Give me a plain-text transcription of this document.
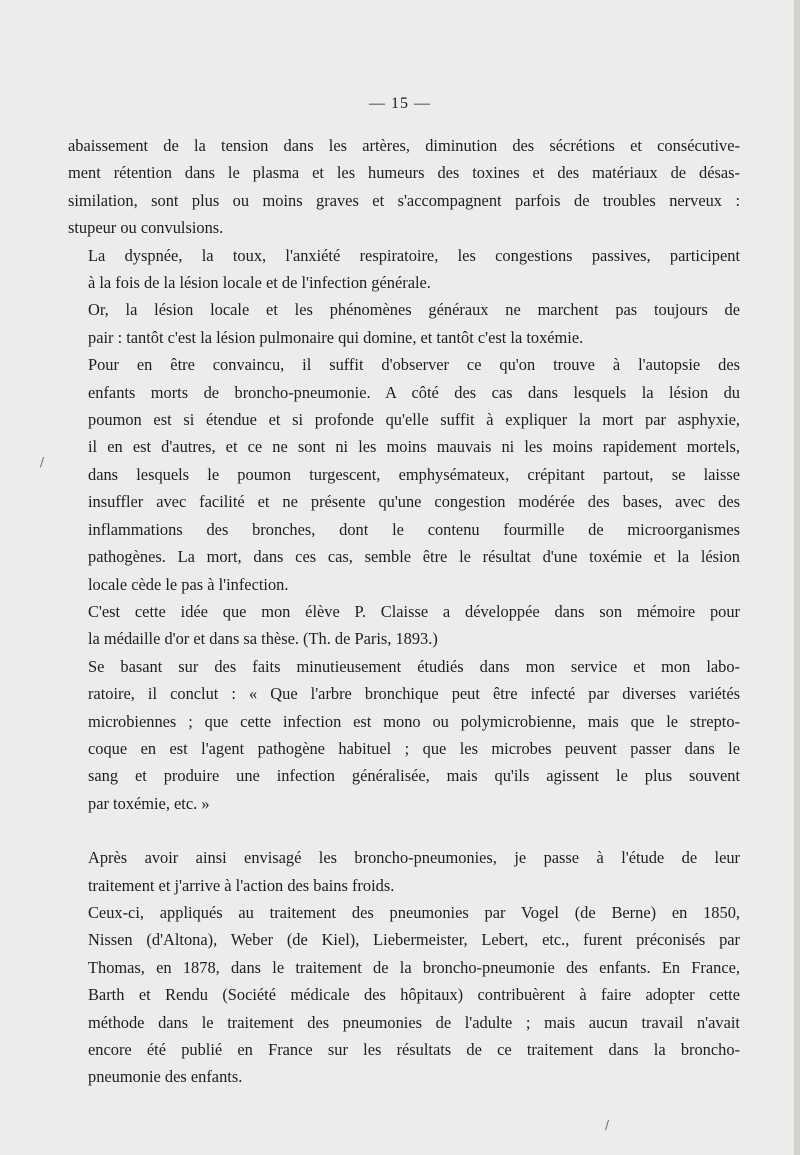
— 15 —

abaissement de la tension dans les artères, diminution des sécrétions et consécutive-
ment rétention dans le plasma et les humeurs des toxines et des matériaux de désas-
similation, sont plus ou moins graves et s'accompagnent parfois de troubles nerveux :
stupeur ou convulsions.

La dyspnée, la toux, l'anxiété respiratoire, les congestions passives, participent
à la fois de la lésion locale et de l'infection générale.

Or, la lésion locale et les phénomènes généraux ne marchent pas toujours de
pair : tantôt c'est la lésion pulmonaire qui domine, et tantôt c'est la toxémie.

Pour en être convaincu, il suffit d'observer ce qu'on trouve à l'autopsie des
enfants morts de broncho-pneumonie. A côté des cas dans lesquels la lésion du
poumon est si étendue et si profonde qu'elle suffit à expliquer la mort par asphyxie,
il en est d'autres, et ce ne sont ni les moins mauvais ni les moins rapidement mortels,
dans lesquels le poumon turgescent, emphysémateux, crépitant partout, se laisse
insuffler avec facilité et ne présente qu'une congestion modérée des bases, avec des
inflammations des bronches, dont le contenu fourmille de microorganismes
pathogènes. La mort, dans ces cas, semble être le résultat d'une toxémie et la lésion
locale cède le pas à l'infection.

C'est cette idée que mon élève P. Claisse a développée dans son mémoire pour
la médaille d'or et dans sa thèse. (Th. de Paris, 1893.)

Se basant sur des faits minutieusement étudiés dans mon service et mon labo-
ratoire, il conclut : « Que l'arbre bronchique peut être infecté par diverses variétés
microbiennes ; que cette infection est mono ou polymicrobienne, mais que le strepto-
coque en est l'agent pathogène habituel ; que les microbes peuvent passer dans le
sang et produire une infection généralisée, mais qu'ils agissent le plus souvent
par toxémie, etc. »

Après avoir ainsi envisagé les broncho-pneumonies, je passe à l'étude de leur
traitement et j'arrive à l'action des bains froids.

Ceux-ci, appliqués au traitement des pneumonies par Vogel (de Berne) en 1850,
Nissen (d'Altona), Weber (de Kiel), Liebermeister, Lebert, etc., furent préconisés par
Thomas, en 1878, dans le traitement de la broncho-pneumonie des enfants. En France,
Barth et Rendu (Société médicale des hôpitaux) contribuèrent à faire adopter cette
méthode dans le traitement des pneumonies de l'adulte ; mais aucun travail n'avait
encore été publié en France sur les résultats de ce traitement dans la broncho-
pneumonie des enfants.

/
/
